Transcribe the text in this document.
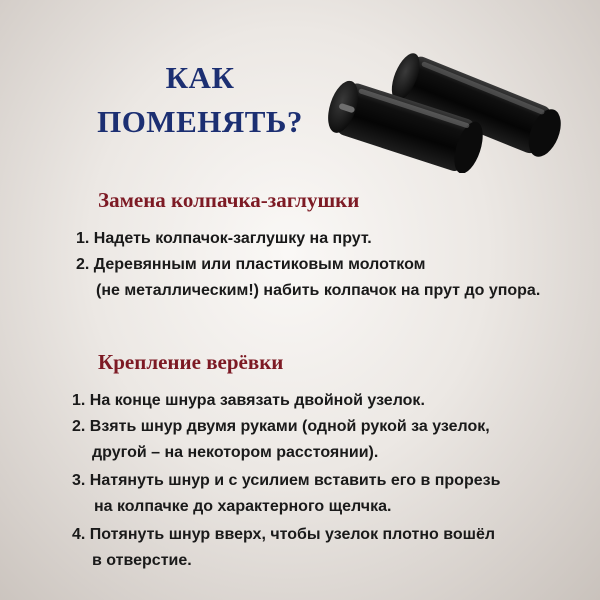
КАК
ПОМЕНЯТЬ?
Замена колпачка-заглушки

1. Надеть колпачок-заглушку на прут.

2. Деревянным или пластиковым молотком

(не металлическим!) набить колпачок на прут до упора.

Крепление верёвки

1. На конце шнура завязать двойной узелок.

2. Взять шнур двумя руками (одной рукой за узелок,

другой – на некотором расстоянии).

3. Натянуть шнур и с усилием вставить его в прорезь

на колпачке до характерного щелчка.

4. Потянуть шнур вверх, чтобы узелок плотно вошёл

в отверстие.
